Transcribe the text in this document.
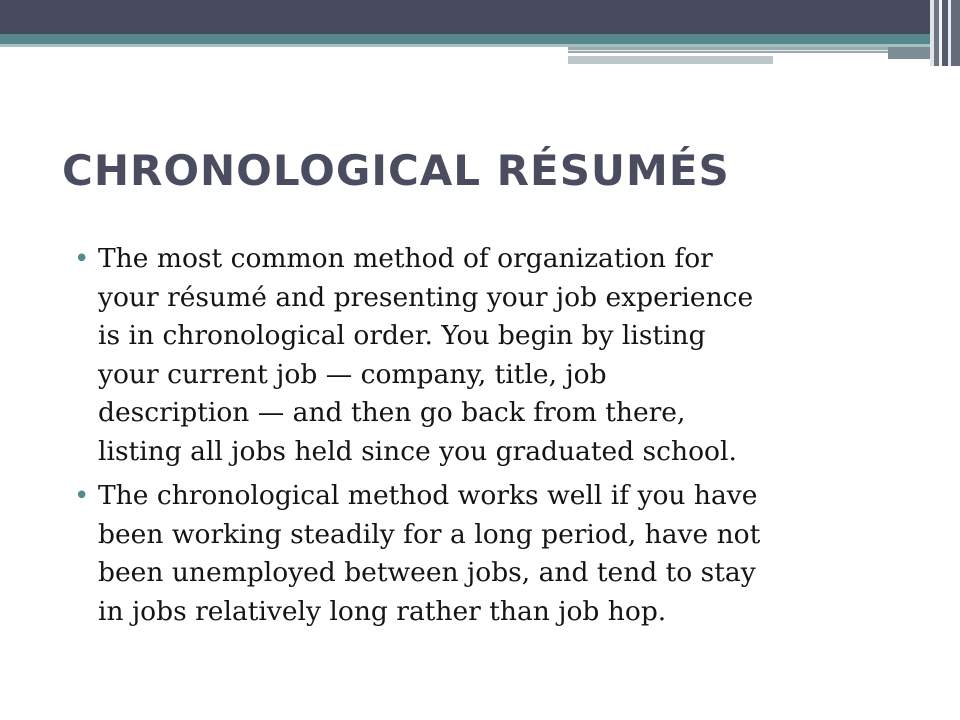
CHRONOLOGICAL RÉSUMÉS

• The most common method of organization for
your résumé and presenting your job experience
is in chronological order. You begin by listing
your current job — company, title, job
description — and then go back from there,
listing all jobs held since you graduated school.

• The chronological method works well if you have
been working steadily for a long period, have not
been unemployed between jobs, and tend to stay
in jobs relatively long rather than job hop.
